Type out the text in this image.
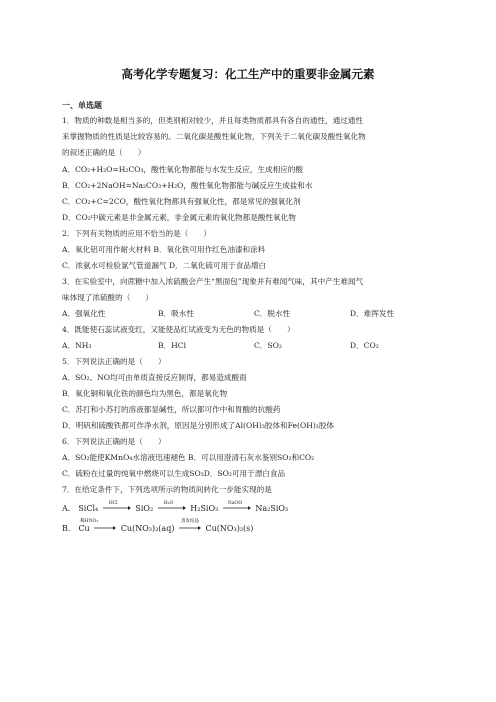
高考化学专题复习：化工生产中的重要非金属元素
一、单选题
1．物质的种数是相当多的，但类别相对较少，并且每类物质都具有各自的通性，通过通性
来掌握物质的性质是比较容易的。二氧化碳是酸性氧化物，下列关于二氧化碳及酸性氧化物
的叙述正确的是（　　）
A．CO₂+H₂O=H₂CO₃，酸性氧化物都能与水发生反应，生成相应的酸
B．CO₂+2NaOH=Na₂CO₃+H₂O，酸性氧化物都能与碱反应生成盐和水
C．CO₂+C=2CO，酸性氧化物都具有强氧化性，都是常见的强氧化剂
D．CO₂中碳元素是非金属元素，非金属元素的氧化物都是酸性氧化物
2．下列有关物质的应用不恰当的是（　　）
A．氧化铝可用作耐火材料 B．氧化铁可用作红色油漆和涂料
C．浓氨水可检验氯气管道漏气 D．二氧化硫可用于食品增白
3．在实验室中，向蔗糖中加入浓硫酸会产生“黑面包”现象并有难闻气味，其中产生难闻气
味体现了浓硫酸的（　　）
A．强氧化性	B．吸水性	C．脱水性	D．难挥发性
4．既能使石蕊试液变红，又能使品红试液变为无色的物质是（　　）
A．NH₃	B．HCl	C．SO₂	D．CO₂
5．下列说法正确的是（　　）
A．SO₂、NO均可由单质直接反应制得，都易造成酸雨
B．氧化铜和氧化铁的颜色均为黑色，都是氧化物
C．苏打和小苏打的溶液都显碱性，所以都可作中和胃酸的抗酸药
D．明矾和硫酸铁都可作净水剂，原因是分别形成了Al(OH)₃胶体和Fe(OH)₃胶体
6．下列说法正确的是（　　）
A．SO₂能使KMnO₄水溶液迅速褪色 B．可以用澄清石灰水鉴别SO₂和CO₂
C．硫粉在过量的纯氧中燃烧可以生成SO₃D．SO₂可用于漂白食品
7．在给定条件下，下列选项所示的物质间转化一步能实现的是
A． SiCl₄
HCl
SiO₂
H₂O
H₂SiO₃
NaOH
Na₂SiO₃
B． Cu
稀HNO₃
Cu(NO₃)₂(aq)
蒸发结晶
Cu(NO₃)₂(s)
